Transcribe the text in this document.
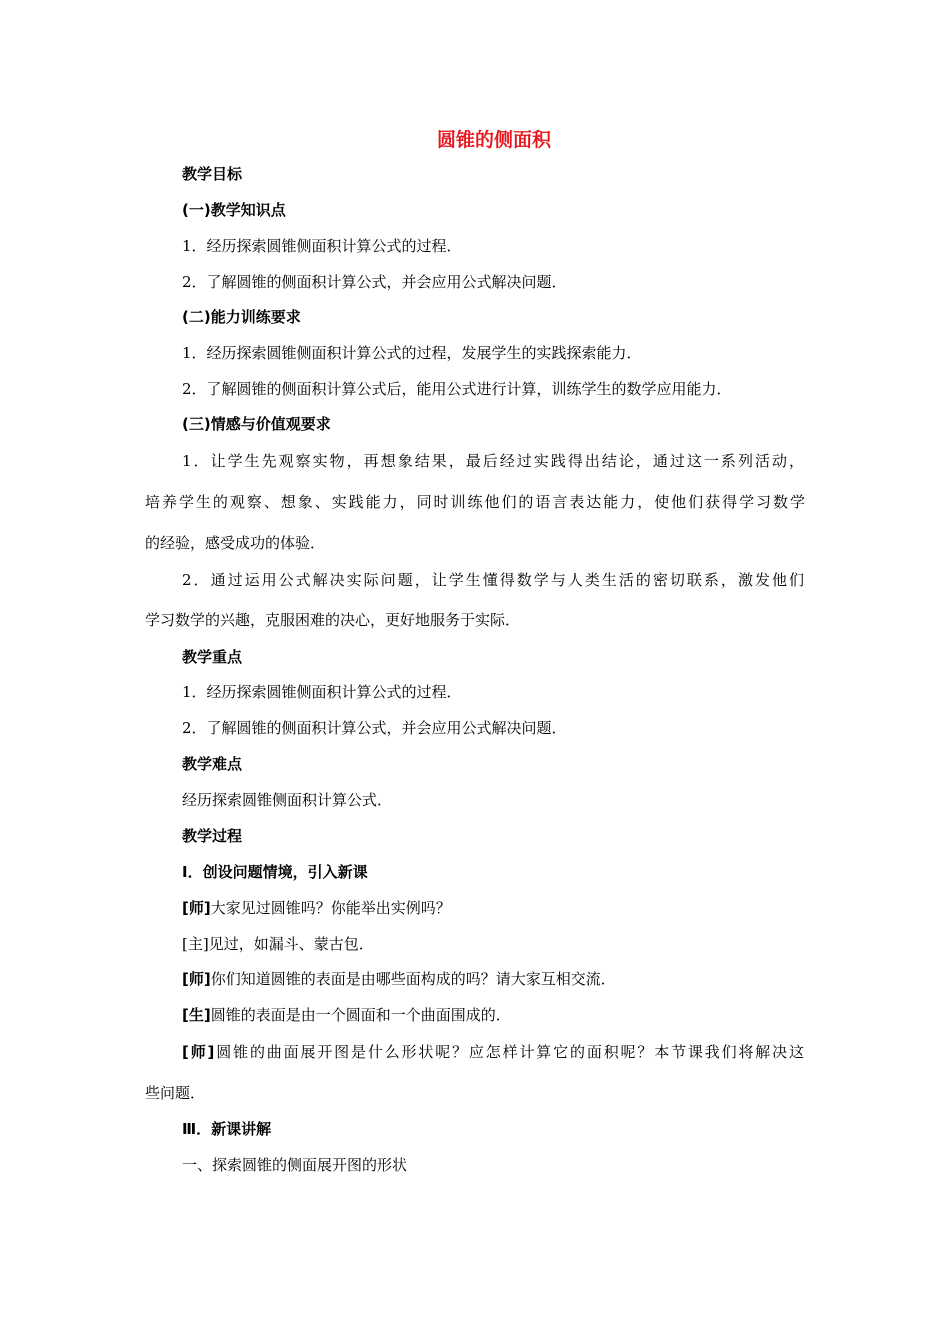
圆锥的侧面积
教学目标
(一)教学知识点
1．经历探索圆锥侧面积计算公式的过程．
2．了解圆锥的侧面积计算公式，并会应用公式解决问题．
(二)能力训练要求
1．经历探索圆锥侧面积计算公式的过程，发展学生的实践探索能力．
2．了解圆锥的侧面积计算公式后，能用公式进行计算，训练学生的数学应用能力．
(三)情感与价值观要求
1．让学生先观察实物，再想象结果，最后经过实践得出结论，通过这一系列活动，
培养学生的观察、想象、实践能力，同时训练他们的语言表达能力，使他们获得学习数学
的经验，感受成功的体验．
2．通过运用公式解决实际问题，让学生懂得数学与人类生活的密切联系，激发他们
学习数学的兴趣，克服困难的决心，更好地服务于实际．
教学重点
1．经历探索圆锥侧面积计算公式的过程．
2．了解圆锥的侧面积计算公式，并会应用公式解决问题．
教学难点
经历探索圆锥侧面积计算公式．
教学过程
Ⅰ．创设问题情境，引入新课
[师]大家见过圆锥吗？你能举出实例吗？
[主]见过，如漏斗、蒙古包．
[师]你们知道圆锥的表面是由哪些面构成的吗？请大家互相交流．
[生]圆锥的表面是由一个圆面和一个曲面围成的．
[师]圆锥的曲面展开图是什么形状呢？应怎样计算它的面积呢？本节课我们将解决这
些问题．
Ⅲ．新课讲解
一、探索圆锥的侧面展开图的形状
